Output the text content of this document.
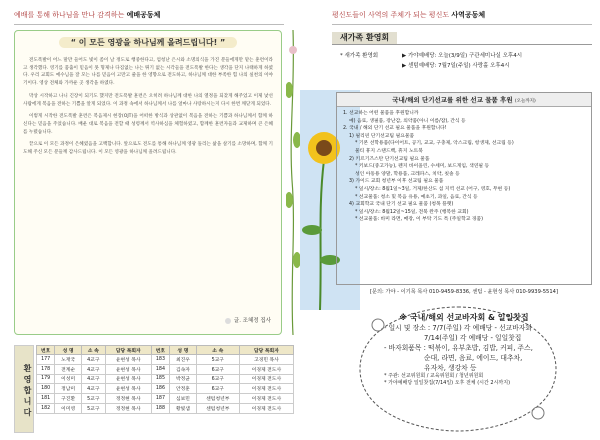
예배를 통해 하나님을 만나 감격하는 예배공동체
“ 이 모든 영광을 하나님께 올려드립니다! ”

전도폭발이 어느 말만 들어도 빛이 좀이 날 정도로 행중한다고, 엄청난 은시와 소명의식을 가진 분들에게만 맡는 훈련이라고 생각했다. 영기를 품출이 믿음이 못 형제나 다짐없는 나는 뛰기 없는 시각들을 전도폭발 한다는 생각을 단지 나태하게 하였다. 우리 교회도 예수님을 잘 모는 나를 믿음이 고만고 줄을 한 영향으로 전도하고, 하나님께 대한 부족한 힘 나의 실천의 이야기이다. 영상 전체와 가까운 곳 생각을 하였다.

막상 시작하고 나니 긴장이 되기도 했지만 전도폭발 훈련은 오히려 하나님께 대한 나의 열정을 되찾게 해주었고 이제 낯선 사람에게 복음을 전하는 기쁨을 알게 되었다. 이 과정 속에서 하나님께서 나를 얼마나 사랑하시는지 다시 한번 깨닫게 되었다.

이렇게 시작한 전도폭발 훈련은 복음제시 현장(OJT)을 어떠한 방식과 상관없이 복음을 전하는 기쁨과 하나님께서 함께 하신다는 믿음을 주었습니다. 배운 대로 복음을 전할 때 성령께서 역사하심을 체험하였고, 함께한 훈련자들과 교제하며 큰 은혜를 누렸습니다.

끝으로 이 모든 과정이 은혜였음을 고백합니다. 앞으로도 전도를 통해 하나님께 영광 돌리는 삶을 살기를 소망하며, 함께 기도해 주신 모든 분들께 감사드립니다. 이 모든 영광을 하나님께 올려드립니다.

글. 조혜정 집사
환영합니다
번호	성 명	소 속	담당 목회자	번호	성 명	소 속	담당 목회자
177	노재국	4교구	윤현성 목사	183	최진우	5교구	고경민 목사
178	전계순	4교구	윤현성 목사	184	김속자	6교구	이경제 전도사
179	이성미	4교구	윤현성 목사	185	박정균	6교구	이경제 전도사
180	정남미	4교구	윤현성 목사	186	안정훈	6교구	이경제 전도사
181	구진환	5교구	정정현 목사	187	심보민	센텀청년부	이경제 전도사
182	이미영	5교구	정정현 목사	188	황빛샘	센텀청년부	이경제 전도사
평신도들이 사역의 주체가 되는 평신도 사역공동체
새가족 환영회
* 새가족 환영회	▶ 가야예배당: 오늘(3/9일) 구관세미나실 오후4시
▶ 센텀예배당: 7월7일(주일) 사랑홀 오후4시
국내/해외 단기선교를 위한 선교 물품 후원 (오늘까지)
1. 선교하는 어떤 물품을 후원합니까
예) 음료, 생필품, 장난감, 의약품(아니 이름/잠), 간식 등
2. 국내 / 해외 단기 선교 필요 물품을 후원합니다!
1) 필리핀 단기선교팀 필요물품
* 기본 선학용품(다이어트, 공기, 교교, 구충제, 악스크림, 항생제, 선크림 등)
물티 휴지 스탠드백, 휴지 노트북
2) 키르기즈스탄 단기선교팀 필요 물품
* 키보드(중고가능), 펜지 바이올린, 수세미, 보드게임, 색연필 등
성인 아동용 양말, 학용품, 크레파스, 치약, 칫솔 등
3) 가이드 교회 청년부 이후 선교팀 필요 물품
* 일시/장소: 8월1일~3일, 거제/한산도 섬 지역 선교 (어구, 영호, 무현 등)
* 선교물품: 청소 및 복음 유용, 예초기, 과일, 음료, 간식 등
4) 교회학교 국내 단기 선교 필요 물품 (청목 플랫)
* 일시/장소: 8월12일~15일, 전북 완주 (행복한 교회)
* 선교물품: 바미 라면, 매장, 이 부탁 기도 특 (주일학교 경품)
[문의: 가야 - 이기목 목사 010-9459-8336, 센텀 - 윤현성 목사 010-9939-5514]
※ 국내/해외 선교바자회 & 일일찻집
- 일시 및 장소 : 7/7(주일) 각 예배당 - 선교바자회
7/14(주일) 각 예배당 - 일일찻집
- 바자회품목 : 떡볶이, 유부초밥, 김밥, 커피, 주스,
순대, 라면, 음료, 에이드, 대추차,
유자차, 생강차 등
* 주관: 선교위원회 / 교육위원회 / 청년위원회
* 가야예배당 일일찻집(7/14일) 오후 전체 (시간 2시까지)
